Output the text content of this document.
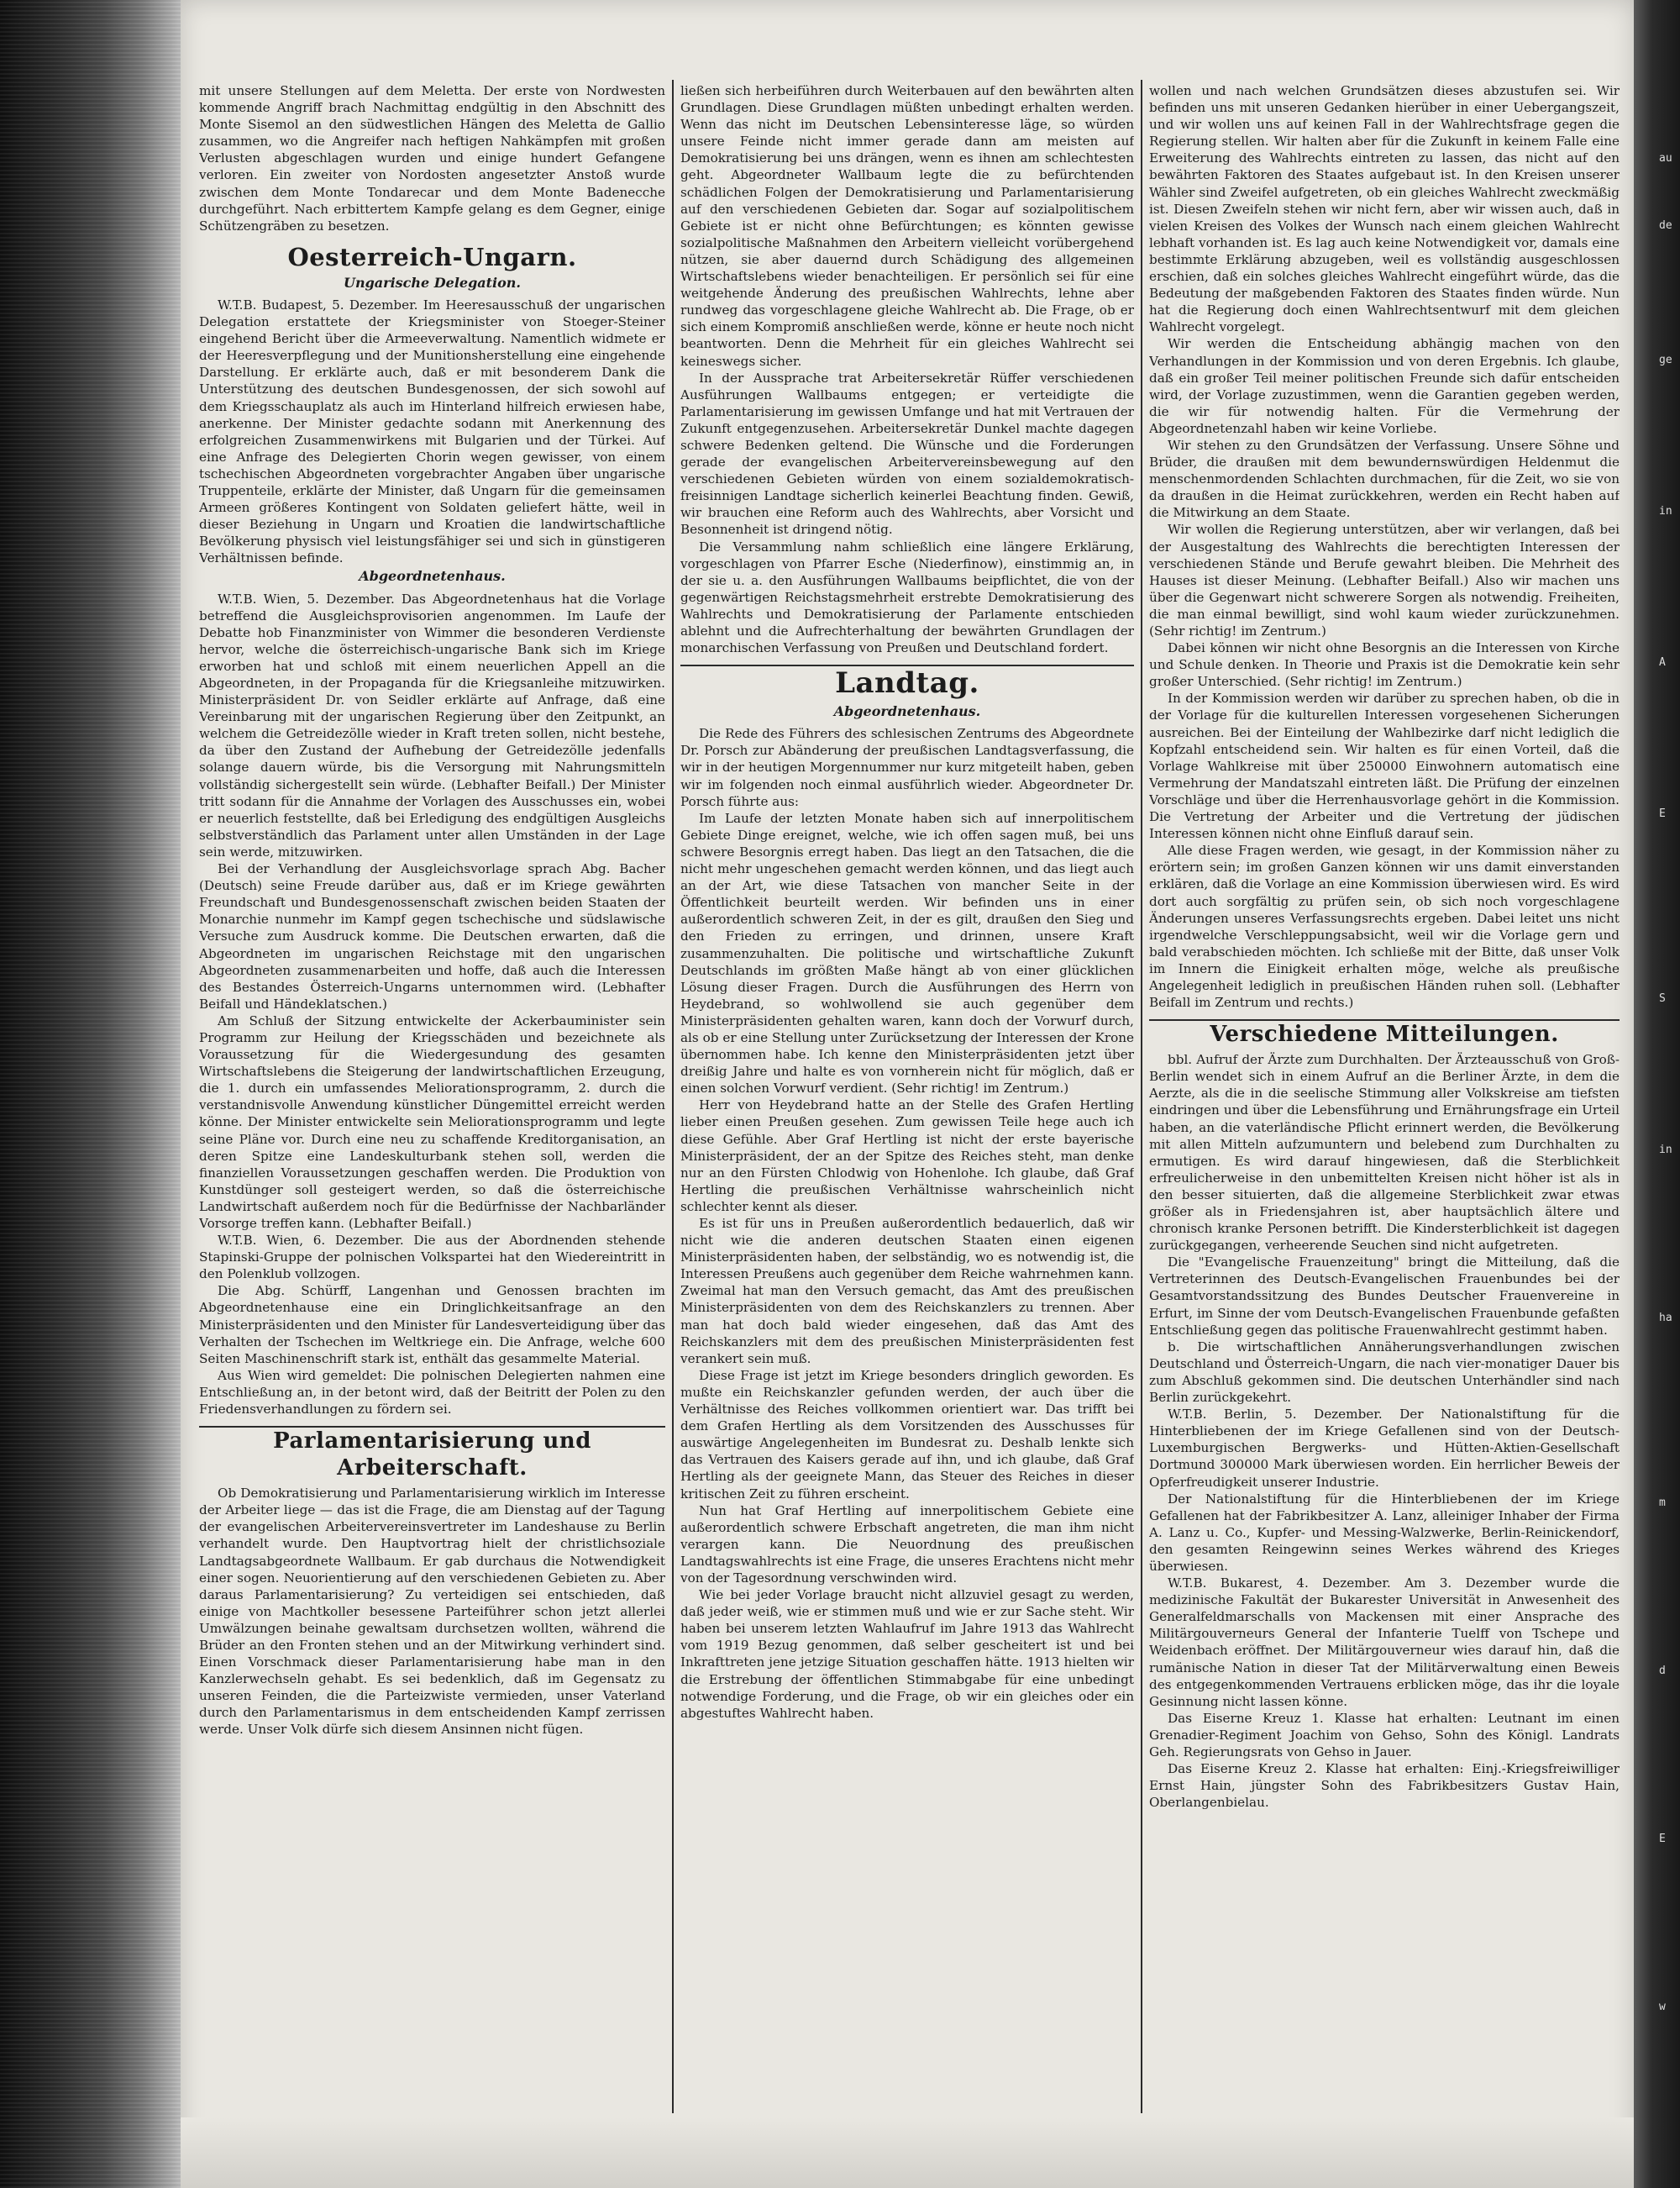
au
de
ge
in
A
E
S
in
ha
m
d
E
w

mit unsere Stellungen auf dem Meletta. Der erste von Nordwesten kommende Angriff brach Nachmittag endgültig in den Abschnitt des Monte Sisemol an den südwestlichen Hängen des Meletta de Gallio zusammen, wo die Angreifer nach heftigen Nahkämpfen mit großen Verlusten abgeschlagen wurden und einige hundert Gefangene verloren. Ein zweiter von Nordosten angesetzter Anstoß wurde zwischen dem Monte Tondarecar und dem Monte Badenecche durchgeführt. Nach erbittertem Kampfe gelang es dem Gegner, einige Schützengräben zu besetzen.

Oesterreich-Ungarn.
Ungarische Delegation.

W.T.B. Budapest, 5. Dezember. Im Heeresausschuß der ungarischen Delegation erstattete der Kriegsminister von Stoeger-Steiner eingehend Bericht über die Armeeverwaltung. Namentlich widmete er der Heeresverpflegung und der Munitionsherstellung eine eingehende Darstellung. Er erklärte auch, daß er mit besonderem Dank die Unterstützung des deutschen Bundesgenossen, der sich sowohl auf dem Kriegsschauplatz als auch im Hinterland hilfreich erwiesen habe, anerkenne. Der Minister gedachte sodann mit Anerkennung des erfolgreichen Zusammenwirkens mit Bulgarien und der Türkei. Auf eine Anfrage des Delegierten Chorin wegen gewisser, von einem tschechischen Abgeordneten vorgebrachter Angaben über ungarische Truppenteile, erklärte der Minister, daß Ungarn für die gemeinsamen Armeen größeres Kontingent von Soldaten geliefert hätte, weil in dieser Beziehung in Ungarn und Kroatien die landwirtschaftliche Bevölkerung physisch viel leistungsfähiger sei und sich in günstigeren Verhältnissen befinde.

Abgeordnetenhaus.

W.T.B. Wien, 5. Dezember. Das Abgeordnetenhaus hat die Vorlage betreffend die Ausgleichsprovisorien angenommen. Im Laufe der Debatte hob Finanzminister von Wimmer die besonderen Verdienste hervor, welche die österreichisch-ungarische Bank sich im Kriege erworben hat und schloß mit einem neuerlichen Appell an die Abgeordneten, in der Propaganda für die Kriegsanleihe mitzuwirken. Ministerpräsident Dr. von Seidler erklärte auf Anfrage, daß eine Vereinbarung mit der ungarischen Regierung über den Zeitpunkt, an welchem die Getreidezölle wieder in Kraft treten sollen, nicht bestehe, da über den Zustand der Aufhebung der Getreidezölle jedenfalls solange dauern würde, bis die Versorgung mit Nahrungsmitteln vollständig sichergestellt sein würde. (Lebhafter Beifall.) Der Minister tritt sodann für die Annahme der Vorlagen des Ausschusses ein, wobei er neuerlich feststellte, daß bei Erledigung des endgültigen Ausgleichs selbstverständlich das Parlament unter allen Umständen in der Lage sein werde, mitzuwirken.

Bei der Verhandlung der Ausgleichsvorlage sprach Abg. Bacher (Deutsch) seine Freude darüber aus, daß er im Kriege gewährten Freundschaft und Bundesgenossenschaft zwischen beiden Staaten der Monarchie nunmehr im Kampf gegen tschechische und südslawische Versuche zum Ausdruck komme. Die Deutschen erwarten, daß die Abgeordneten im ungarischen Reichstage mit den ungarischen Abgeordneten zusammenarbeiten und hoffe, daß auch die Interessen des Bestandes Österreich-Ungarns unternommen wird. (Lebhafter Beifall und Händeklatschen.)

Am Schluß der Sitzung entwickelte der Ackerbauminister sein Programm zur Heilung der Kriegsschäden und bezeichnete als Voraussetzung für die Wiedergesundung des gesamten Wirtschaftslebens die Steigerung der landwirtschaftlichen Erzeugung, die 1. durch ein umfassendes Meliorationsprogramm, 2. durch die verstandnisvolle Anwendung künstlicher Düngemittel erreicht werden könne. Der Minister entwickelte sein Meliorationsprogramm und legte seine Pläne vor. Durch eine neu zu schaffende Kreditorganisation, an deren Spitze eine Landeskulturbank stehen soll, werden die finanziellen Voraussetzungen geschaffen werden. Die Produktion von Kunstdünger soll gesteigert werden, so daß die österreichische Landwirtschaft außerdem noch für die Bedürfnisse der Nachbarländer Vorsorge treffen kann. (Lebhafter Beifall.)

W.T.B. Wien, 6. Dezember. Die aus der Abordnenden stehende Stapinski-Gruppe der polnischen Volkspartei hat den Wiedereintritt in den Polenklub vollzogen.

Die Abg. Schürff, Langenhan und Genossen brachten im Abgeordnetenhause eine ein Dringlichkeitsanfrage an den Ministerpräsidenten und den Minister für Landesverteidigung über das Verhalten der Tschechen im Weltkriege ein. Die Anfrage, welche 600 Seiten Maschinenschrift stark ist, enthält das gesammelte Material.

Aus Wien wird gemeldet: Die polnischen Delegierten nahmen eine Entschließung an, in der betont wird, daß der Beitritt der Polen zu den Friedensverhandlungen zu fördern sei.

Parlamentarisierung und Arbeiterschaft.

Ob Demokratisierung und Parlamentarisierung wirklich im Interesse der Arbeiter liege — das ist die Frage, die am Dienstag auf der Tagung der evangelischen Arbeitervereinsvertreter im Landeshause zu Berlin verhandelt wurde. Den Hauptvortrag hielt der christlichsoziale Landtagsabgeordnete Wallbaum. Er gab durchaus die Notwendigkeit einer sogen. Neuorientierung auf den verschiedenen Gebieten zu. Aber daraus Parlamentarisierung? Zu verteidigen sei entschieden, daß einige von Machtkoller besessene Parteiführer schon jetzt allerlei Umwälzungen beinahe gewaltsam durchsetzen wollten, während die Brüder an den Fronten stehen und an der Mitwirkung verhindert sind. Einen Vorschmack dieser Parlamentarisierung habe man in den Kanzlerwechseln gehabt. Es sei bedenklich, daß im Gegensatz zu unseren Feinden, die die Parteizwiste vermieden, unser Vaterland durch den Parlamentarismus in dem entscheidenden Kampf zerrissen werde. Unser Volk dürfe sich diesem Ansinnen nicht fügen.

ließen sich herbeiführen durch Weiterbauen auf den bewährten alten Grundlagen. Diese Grundlagen müßten unbedingt erhalten werden. Wenn das nicht im Deutschen Lebensinteresse läge, so würden unsere Feinde nicht immer gerade dann am meisten auf Demokratisierung bei uns drängen, wenn es ihnen am schlechtesten geht. Abgeordneter Wallbaum legte die zu befürchtenden schädlichen Folgen der Demokratisierung und Parlamentarisierung auf den verschiedenen Gebieten dar. Sogar auf sozialpolitischem Gebiete ist er nicht ohne Befürchtungen; es könnten gewisse sozialpolitische Maßnahmen den Arbeitern vielleicht vorübergehend nützen, sie aber dauernd durch Schädigung des allgemeinen Wirtschaftslebens wieder benachteiligen. Er persönlich sei für eine weitgehende Änderung des preußischen Wahlrechts, lehne aber rundweg das vorgeschlagene gleiche Wahlrecht ab. Die Frage, ob er sich einem Kompromiß anschließen werde, könne er heute noch nicht beantworten. Denn die Mehrheit für ein gleiches Wahlrecht sei keineswegs sicher.

In der Aussprache trat Arbeitersekretär Rüffer verschiedenen Ausführungen Wallbaums entgegen; er verteidigte die Parlamentarisierung im gewissen Umfange und hat mit Vertrauen der Zukunft entgegenzusehen. Arbeitersekretär Dunkel machte dagegen schwere Bedenken geltend. Die Wünsche und die Forderungen gerade der evangelischen Arbeitervereinsbewegung auf den verschiedenen Gebieten würden von einem sozialdemokratisch-freisinnigen Landtage sicherlich keinerlei Beachtung finden. Gewiß, wir brauchen eine Reform auch des Wahlrechts, aber Vorsicht und Besonnenheit ist dringend nötig.

Die Versammlung nahm schließlich eine längere Erklärung, vorgeschlagen von Pfarrer Esche (Niederfinow), einstimmig an, in der sie u. a. den Ausführungen Wallbaums beipflichtet, die von der gegenwärtigen Reichstagsmehrheit erstrebte Demokratisierung des Wahlrechts und Demokratisierung der Parlamente entschieden ablehnt und die Aufrechterhaltung der bewährten Grundlagen der monarchischen Verfassung von Preußen und Deutschland fordert.

Landtag.
Abgeordnetenhaus.

Die Rede des Führers des schlesischen Zentrums des Abgeordnete Dr. Porsch zur Abänderung der preußischen Landtagsverfassung, die wir in der heutigen Morgennummer nur kurz mitgeteilt haben, geben wir im folgenden noch einmal ausführlich wieder. Abgeordneter Dr. Porsch führte aus:

Im Laufe der letzten Monate haben sich auf innerpolitischem Gebiete Dinge ereignet, welche, wie ich offen sagen muß, bei uns schwere Besorgnis erregt haben. Das liegt an den Tatsachen, die die nicht mehr ungeschehen gemacht werden können, und das liegt auch an der Art, wie diese Tatsachen von mancher Seite in der Öffentlichkeit beurteilt werden. Wir befinden uns in einer außerordentlich schweren Zeit, in der es gilt, draußen den Sieg und den Frieden zu erringen, und drinnen, unsere Kraft zusammenzuhalten. Die politische und wirtschaftliche Zukunft Deutschlands im größten Maße hängt ab von einer glücklichen Lösung dieser Fragen. Durch die Ausführungen des Herrn von Heydebrand, so wohlwollend sie auch gegenüber dem Ministerpräsidenten gehalten waren, kann doch der Vorwurf durch, als ob er eine Stellung unter Zurücksetzung der Interessen der Krone übernommen habe. Ich kenne den Ministerpräsidenten jetzt über dreißig Jahre und halte es von vornherein nicht für möglich, daß er einen solchen Vorwurf verdient. (Sehr richtig! im Zentrum.)

Herr von Heydebrand hatte an der Stelle des Grafen Hertling lieber einen Preußen gesehen. Zum gewissen Teile hege auch ich diese Gefühle. Aber Graf Hertling ist nicht der erste bayerische Ministerpräsident, der an der Spitze des Reiches steht, man denke nur an den Fürsten Chlodwig von Hohenlohe. Ich glaube, daß Graf Hertling die preußischen Verhältnisse wahrscheinlich nicht schlechter kennt als dieser.

Es ist für uns in Preußen außerordentlich bedauerlich, daß wir nicht wie die anderen deutschen Staaten einen eigenen Ministerpräsidenten haben, der selbständig, wo es notwendig ist, die Interessen Preußens auch gegenüber dem Reiche wahrnehmen kann. Zweimal hat man den Versuch gemacht, das Amt des preußischen Ministerpräsidenten von dem des Reichskanzlers zu trennen. Aber man hat doch bald wieder eingesehen, daß das Amt des Reichskanzlers mit dem des preußischen Ministerpräsidenten fest verankert sein muß.

Diese Frage ist jetzt im Kriege besonders dringlich geworden. Es mußte ein Reichskanzler gefunden werden, der auch über die Verhältnisse des Reiches vollkommen orientiert war. Das trifft bei dem Grafen Hertling als dem Vorsitzenden des Ausschusses für auswärtige Angelegenheiten im Bundesrat zu. Deshalb lenkte sich das Vertrauen des Kaisers gerade auf ihn, und ich glaube, daß Graf Hertling als der geeignete Mann, das Steuer des Reiches in dieser kritischen Zeit zu führen erscheint.

Nun hat Graf Hertling auf innerpolitischem Gebiete eine außerordentlich schwere Erbschaft angetreten, die man ihm nicht verargen kann. Die Neuordnung des preußischen Landtagswahlrechts ist eine Frage, die unseres Erachtens nicht mehr von der Tagesordnung verschwinden wird.

Wie bei jeder Vorlage braucht nicht allzuviel gesagt zu werden, daß jeder weiß, wie er stimmen muß und wie er zur Sache steht. Wir haben bei unserem letzten Wahlaufruf im Jahre 1913 das Wahlrecht vom 1919 Bezug genommen, daß selber gescheitert ist und bei Inkrafttreten jene jetzige Situation geschaffen hätte. 1913 hielten wir die Erstrebung der öffentlichen Stimmabgabe für eine unbedingt notwendige Forderung, und die Frage, ob wir ein gleiches oder ein abgestuftes Wahlrecht haben.

wollen und nach welchen Grundsätzen dieses abzustufen sei. Wir befinden uns mit unseren Gedanken hierüber in einer Uebergangszeit, und wir wollen uns auf keinen Fall in der Wahlrechtsfrage gegen die Regierung stellen. Wir halten aber für die Zukunft in keinem Falle eine Erweiterung des Wahlrechts eintreten zu lassen, das nicht auf den bewährten Faktoren des Staates aufgebaut ist. In den Kreisen unserer Wähler sind Zweifel aufgetreten, ob ein gleiches Wahlrecht zweckmäßig ist. Diesen Zweifeln stehen wir nicht fern, aber wir wissen auch, daß in vielen Kreisen des Volkes der Wunsch nach einem gleichen Wahlrecht lebhaft vorhanden ist. Es lag auch keine Notwendigkeit vor, damals eine bestimmte Erklärung abzugeben, weil es vollständig ausgeschlossen erschien, daß ein solches gleiches Wahlrecht eingeführt würde, das die Bedeutung der maßgebenden Faktoren des Staates finden würde. Nun hat die Regierung doch einen Wahlrechtsentwurf mit dem gleichen Wahlrecht vorgelegt.

Wir werden die Entscheidung abhängig machen von den Verhandlungen in der Kommission und von deren Ergebnis. Ich glaube, daß ein großer Teil meiner politischen Freunde sich dafür entscheiden wird, der Vorlage zuzustimmen, wenn die Garantien gegeben werden, die wir für notwendig halten. Für die Vermehrung der Abgeordnetenzahl haben wir keine Vorliebe.

Wir stehen zu den Grundsätzen der Verfassung. Unsere Söhne und Brüder, die draußen mit dem bewundernswürdigen Heldenmut die menschenmordenden Schlachten durchmachen, für die Zeit, wo sie von da draußen in die Heimat zurückkehren, werden ein Recht haben auf die Mitwirkung an dem Staate.

Wir wollen die Regierung unterstützen, aber wir verlangen, daß bei der Ausgestaltung des Wahlrechts die berechtigten Interessen der verschiedenen Stände und Berufe gewahrt bleiben. Die Mehrheit des Hauses ist dieser Meinung. (Lebhafter Beifall.) Also wir machen uns über die Gegenwart nicht schwerere Sorgen als notwendig. Freiheiten, die man einmal bewilligt, sind wohl kaum wieder zurückzunehmen. (Sehr richtig! im Zentrum.)

Dabei können wir nicht ohne Besorgnis an die Interessen von Kirche und Schule denken. In Theorie und Praxis ist die Demokratie kein sehr großer Unterschied. (Sehr richtig! im Zentrum.)

In der Kommission werden wir darüber zu sprechen haben, ob die in der Vorlage für die kulturellen Interessen vorgesehenen Sicherungen ausreichen. Bei der Einteilung der Wahlbezirke darf nicht lediglich die Kopfzahl entscheidend sein. Wir halten es für einen Vorteil, daß die Vorlage Wahlkreise mit über 250000 Einwohnern automatisch eine Vermehrung der Mandatszahl eintreten läßt. Die Prüfung der einzelnen Vorschläge und über die Herrenhausvorlage gehört in die Kommission. Die Vertretung der Arbeiter und die Vertretung der jüdischen Interessen können nicht ohne Einfluß darauf sein.

Alle diese Fragen werden, wie gesagt, in der Kommission näher zu erörtern sein; im großen Ganzen können wir uns damit einverstanden erklären, daß die Vorlage an eine Kommission überwiesen wird. Es wird dort auch sorgfältig zu prüfen sein, ob sich noch vorgeschlagene Änderungen unseres Verfassungsrechts ergeben. Dabei leitet uns nicht irgendwelche Verschleppungsabsicht, weil wir die Vorlage gern und bald verabschieden möchten. Ich schließe mit der Bitte, daß unser Volk im Innern die Einigkeit erhalten möge, welche als preußische Angelegenheit lediglich in preußischen Händen ruhen soll. (Lebhafter Beifall im Zentrum und rechts.)

Verschiedene Mitteilungen.

bbl. Aufruf der Ärzte zum Durchhalten. Der Ärzteausschuß von Groß-Berlin wendet sich in einem Aufruf an die Berliner Ärzte, in dem die Aerzte, als die in die seelische Stimmung aller Volkskreise am tiefsten eindringen und über die Lebensführung und Ernährungsfrage ein Urteil haben, an die vaterländische Pflicht erinnert werden, die Bevölkerung mit allen Mitteln aufzumuntern und belebend zum Durchhalten zu ermutigen. Es wird darauf hingewiesen, daß die Sterblichkeit erfreulicherweise in den unbemittelten Kreisen nicht höher ist als in den besser situierten, daß die allgemeine Sterblichkeit zwar etwas größer als in Friedensjahren ist, aber hauptsächlich ältere und chronisch kranke Personen betrifft. Die Kindersterblichkeit ist dagegen zurückgegangen, verheerende Seuchen sind nicht aufgetreten.

Die "Evangelische Frauenzeitung" bringt die Mitteilung, daß die Vertreterinnen des Deutsch-Evangelischen Frauenbundes bei der Gesamtvorstandssitzung des Bundes Deutscher Frauenvereine in Erfurt, im Sinne der vom Deutsch-Evangelischen Frauenbunde gefaßten Entschließung gegen das politische Frauenwahlrecht gestimmt haben.

b. Die wirtschaftlichen Annäherungsverhandlungen zwischen Deutschland und Österreich-Ungarn, die nach vier-monatiger Dauer bis zum Abschluß gekommen sind. Die deutschen Unterhändler sind nach Berlin zurückgekehrt.

W.T.B. Berlin, 5. Dezember. Der Nationalstiftung für die Hinterbliebenen der im Kriege Gefallenen sind von der Deutsch-Luxemburgischen Bergwerks- und Hütten-Aktien-Gesellschaft Dortmund 300000 Mark überwiesen worden. Ein herrlicher Beweis der Opferfreudigkeit unserer Industrie.

Der Nationalstiftung für die Hinterbliebenen der im Kriege Gefallenen hat der Fabrikbesitzer A. Lanz, alleiniger Inhaber der Firma A. Lanz u. Co., Kupfer- und Messing-Walzwerke, Berlin-Reinickendorf, den gesamten Reingewinn seines Werkes während des Krieges überwiesen.

W.T.B. Bukarest, 4. Dezember. Am 3. Dezember wurde die medizinische Fakultät der Bukarester Universität in Anwesenheit des Generalfeldmarschalls von Mackensen mit einer Ansprache des Militärgouverneurs General der Infanterie Tuelff von Tschepe und Weidenbach eröffnet. Der Militärgouverneur wies darauf hin, daß die rumänische Nation in dieser Tat der Militärverwaltung einen Beweis des entgegenkommenden Vertrauens erblicken möge, das ihr die loyale Gesinnung nicht lassen könne.

Das Eiserne Kreuz 1. Klasse hat erhalten: Leutnant im einen Grenadier-Regiment Joachim von Gehso, Sohn des Königl. Landrats Geh. Regierungsrats von Gehso in Jauer.

Das Eiserne Kreuz 2. Klasse hat erhalten: Einj.-Kriegsfreiwilliger Ernst Hain, jüngster Sohn des Fabrikbesitzers Gustav Hain, Oberlangenbielau.
